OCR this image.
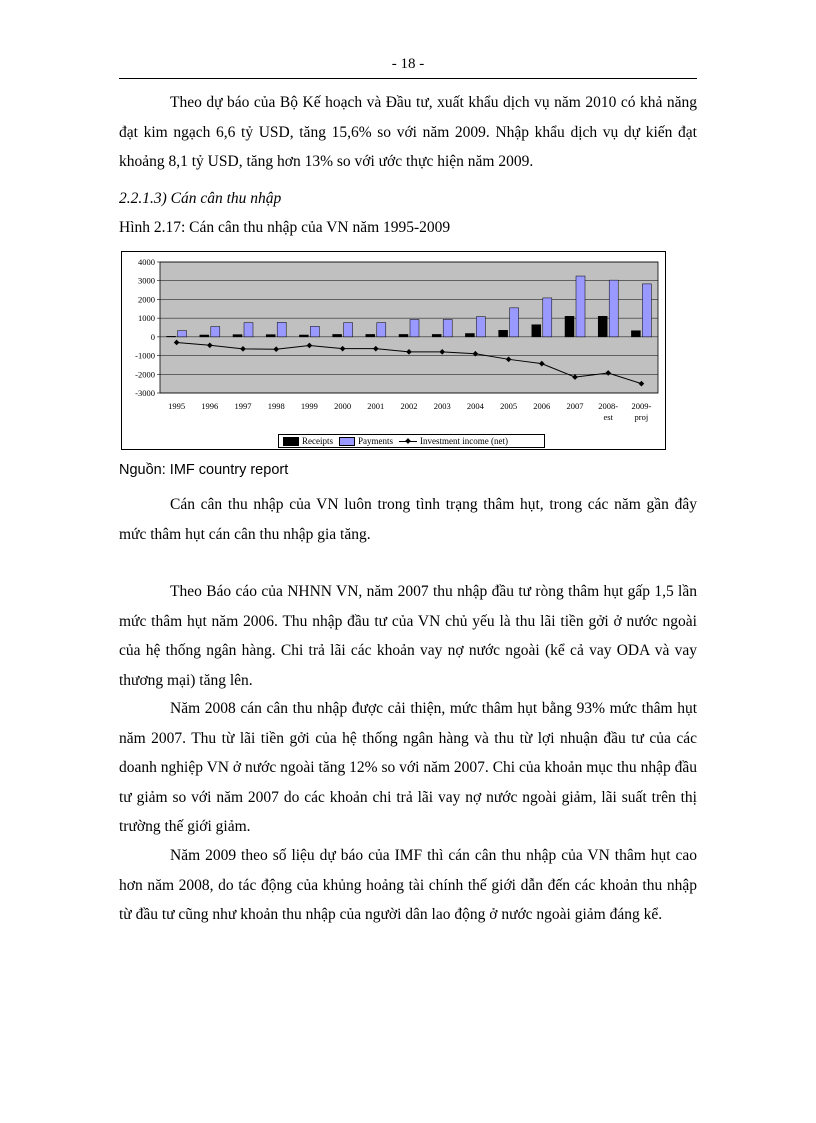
- 18 -

Theo dự báo của Bộ Kế hoạch và Đầu tư, xuất khẩu dịch vụ năm 2010 có khả năng đạt kim ngạch 6,6 tỷ USD, tăng 15,6% so với năm 2009. Nhập khẩu dịch vụ dự kiến đạt khoảng 8,1 tỷ USD, tăng hơn 13% so với ước thực hiện năm 2009.

2.2.1.3) Cán cân thu nhập

Hình 2.17: Cán cân thu nhập của VN năm 1995-2009

4000
3000
2000
1000
0
-1000
-2000
-3000
1995 1996 1997 1998 1999 2000 2001 2002 2003 2004 2005 2006 2007 2008-
est
2009-
proj
Receipts	Payments	Investment income (net)
Nguồn: IMF country report

Cán cân thu nhập của VN luôn trong tình trạng thâm hụt, trong các năm gần đây mức thâm hụt cán cân thu nhập gia tăng.

Theo Báo cáo của NHNN VN, năm 2007 thu nhập đầu tư ròng thâm hụt gấp 1,5 lần mức thâm hụt năm 2006. Thu nhập đầu tư của VN chủ yếu là thu lãi tiền gởi ở nước ngoài của hệ thống ngân hàng. Chi trả lãi các khoản vay nợ nước ngoài (kể cả vay ODA và vay thương mại) tăng lên.

Năm 2008 cán cân thu nhập được cải thiện, mức thâm hụt bằng 93% mức thâm hụt năm 2007. Thu từ lãi tiền gởi của hệ thống ngân hàng và thu từ lợi nhuận đầu tư của các doanh nghiệp VN ở nước ngoài tăng 12% so với năm 2007. Chi của khoản mục thu nhập đầu tư giảm so với năm 2007 do các khoản chi trả lãi vay nợ nước ngoài giảm, lãi suất trên thị trường thế giới giảm.

Năm 2009 theo số liệu dự báo của IMF thì cán cân thu nhập của VN thâm hụt cao hơn năm 2008, do tác động của khủng hoảng tài chính thế giới dẫn đến các khoản thu nhập từ đầu tư cũng như khoản thu nhập của người dân lao động ở nước ngoài giảm đáng kể.
